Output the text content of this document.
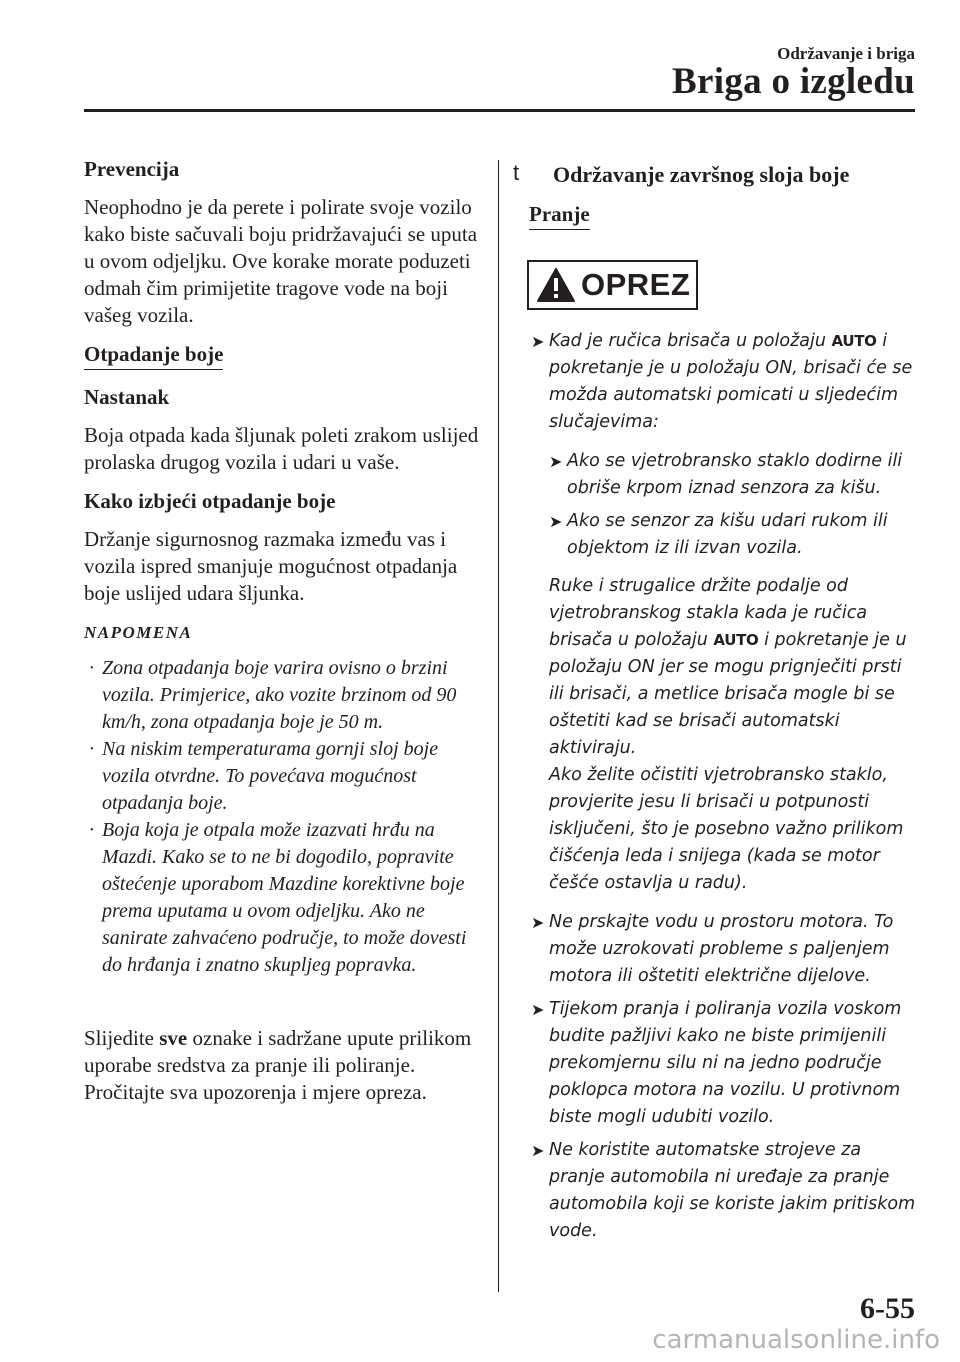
Održavanje i briga
Briga o izgledu

Prevencija

Neophodno je da perete i polirate svoje vozilo kako biste sačuvali boju pridržavajući se uputa u ovom odjeljku. Ove korake morate poduzeti odmah čim primijetite tragove vode na boji vašeg vozila.

Otpadanje boje

Nastanak

Boja otpada kada šljunak poleti zrakom uslijed prolaska drugog vozila i udari u vaše.

Kako izbjeći otpadanje boje

Držanje sigurnosnog razmaka između vas i vozila ispred smanjuje mogućnost otpadanja boje uslijed udara šljunka.

NAPOMENA

· Zona otpadanja boje varira ovisno o brzini vozila. Primjerice, ako vozite brzinom od 90 km/h, zona otpadanja boje je 50 m.
· Na niskim temperaturama gornji sloj boje vozila otvrdne. To povećava mogućnost otpadanja boje.
· Boja koja je otpala može izazvati hrđu na Mazdi. Kako se to ne bi dogodilo, popravite oštećenje uporabom Mazdine korektivne boje prema uputama u ovom odjeljku. Ako ne sanirate zahvaćeno područje, to može dovesti do hrđanja i znatno skupljeg popravka.

Slijedite sve oznake i sadržane upute prilikom uporabe sredstva za pranje ili poliranje. Pročitajte sva upozorenja i mjere opreza.

t Održavanje završnog sloja boje
Pranje
OPREZ
➤ Kad je ručica brisača u položaju AUTO i pokretanje je u položaju ON, brisači će se možda automatski pomicati u sljedećim slučajevima:
➤ Ako se vjetrobransko staklo dodirne ili obriše krpom iznad senzora za kišu.
➤ Ako se senzor za kišu udari rukom ili objektom iz ili izvan vozila.
Ruke i strugalice držite podalje od vjetrobranskog stakla kada je ručica brisača u položaju AUTO i pokretanje je u položaju ON jer se mogu prignječiti prsti ili brisači, a metlice brisača mogle bi se oštetiti kad se brisači automatski aktiviraju.
Ako želite očistiti vjetrobransko staklo, provjerite jesu li brisači u potpunosti isključeni, što je posebno važno prilikom čišćenja leda i snijega (kada se motor češće ostavlja u radu).
➤ Ne prskajte vodu u prostoru motora. To može uzrokovati probleme s paljenjem motora ili oštetiti električne dijelove.
➤ Tijekom pranja i poliranja vozila voskom budite pažljivi kako ne biste primijenili prekomjernu silu ni na jedno područje poklopca motora na vozilu. U protivnom biste mogli udubiti vozilo.
➤ Ne koristite automatske strojeve za pranje automobila ni uređaje za pranje automobila koji se koriste jakim pritiskom vode.
6-55
carmanualsonline.info
